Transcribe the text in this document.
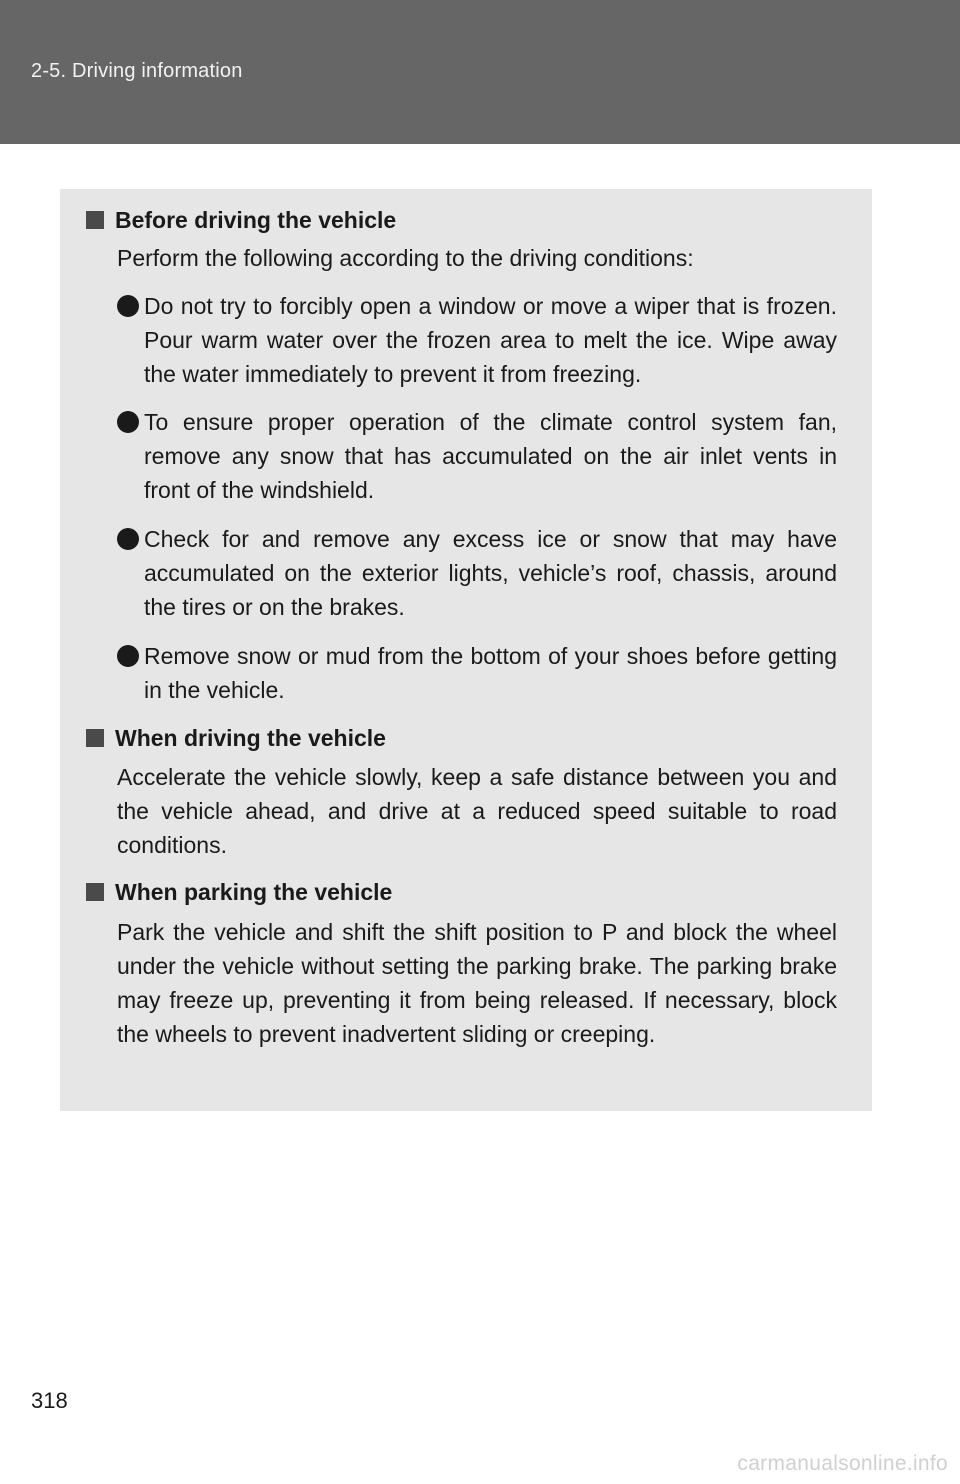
2-5. Driving information
Before driving the vehicle
Perform the following according to the driving conditions:
Do not try to forcibly open a window or move a wiper that is frozen. Pour warm water over the frozen area to melt the ice. Wipe away the water immediately to prevent it from freezing.
To ensure proper operation of the climate control system fan, remove any snow that has accumulated on the air inlet vents in front of the windshield.
Check for and remove any excess ice or snow that may have accumulated on the exterior lights, vehicle’s roof, chassis, around the tires or on the brakes.
Remove snow or mud from the bottom of your shoes before getting in the vehicle.
When driving the vehicle
Accelerate the vehicle slowly, keep a safe distance between you and the vehicle ahead, and drive at a reduced speed suitable to road conditions.
When parking the vehicle
Park the vehicle and shift the shift position to P and block the wheel under the vehicle without setting the parking brake. The parking brake may freeze up, preventing it from being released. If necessary, block the wheels to prevent inadvertent sliding or creeping.
318
carmanualsonline.info
